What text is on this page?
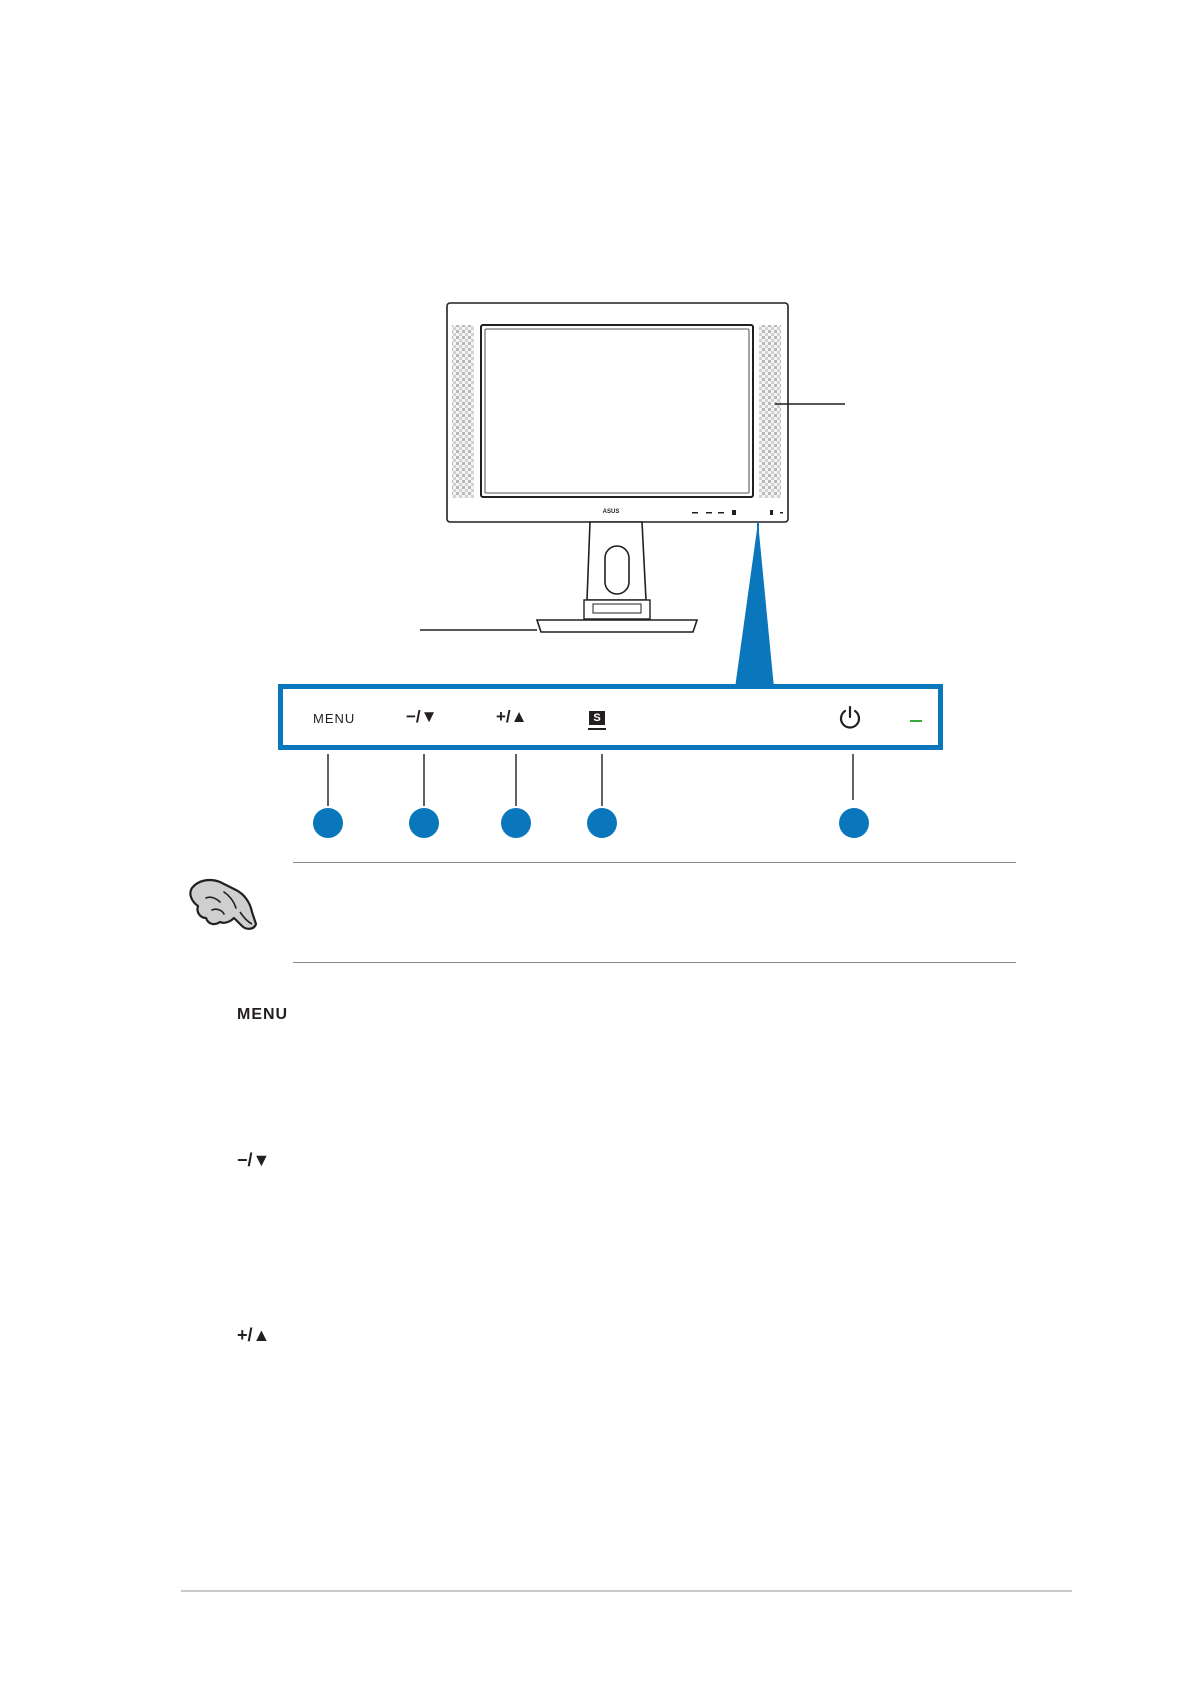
ASUS
MENU	−/▼	+/▲	S
MENU
−/▼
+/▲
